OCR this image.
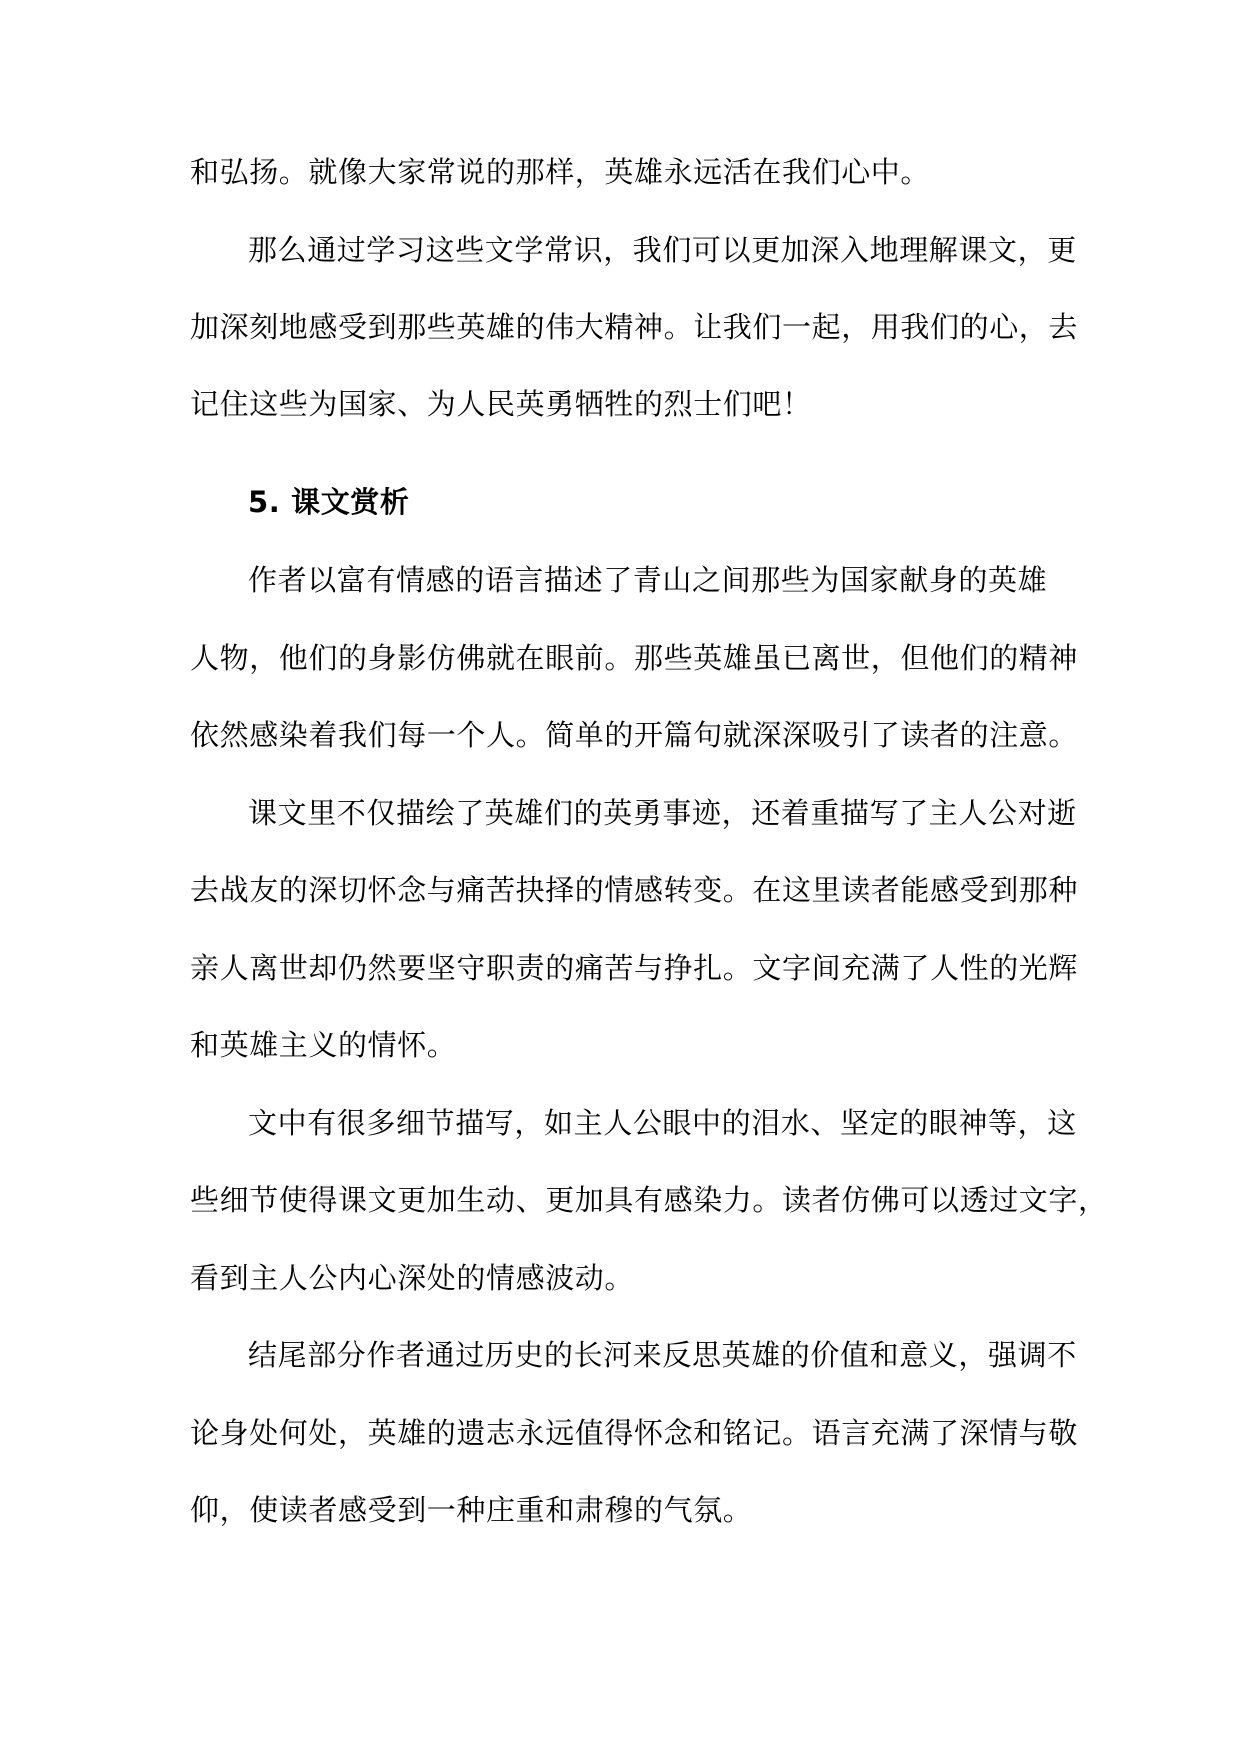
和弘扬。就像大家常说的那样，英雄永远活在我们心中。
那么通过学习这些文学常识，我们可以更加深入地理解课文，更
加深刻地感受到那些英雄的伟大精神。让我们一起，用我们的心，去
记住这些为国家、为人民英勇牺牲的烈士们吧！
5. 课文赏析
作者以富有情感的语言描述了青山之间那些为国家献身的英雄
人物，他们的身影仿佛就在眼前。那些英雄虽已离世，但他们的精神
依然感染着我们每一个人。简单的开篇句就深深吸引了读者的注意。
课文里不仅描绘了英雄们的英勇事迹，还着重描写了主人公对逝
去战友的深切怀念与痛苦抉择的情感转变。在这里读者能感受到那种
亲人离世却仍然要坚守职责的痛苦与挣扎。文字间充满了人性的光辉
和英雄主义的情怀。
文中有很多细节描写，如主人公眼中的泪水、坚定的眼神等，这
些细节使得课文更加生动、更加具有感染力。读者仿佛可以透过文字，
看到主人公内心深处的情感波动。
结尾部分作者通过历史的长河来反思英雄的价值和意义，强调不
论身处何处，英雄的遗志永远值得怀念和铭记。语言充满了深情与敬
仰，使读者感受到一种庄重和肃穆的气氛。
